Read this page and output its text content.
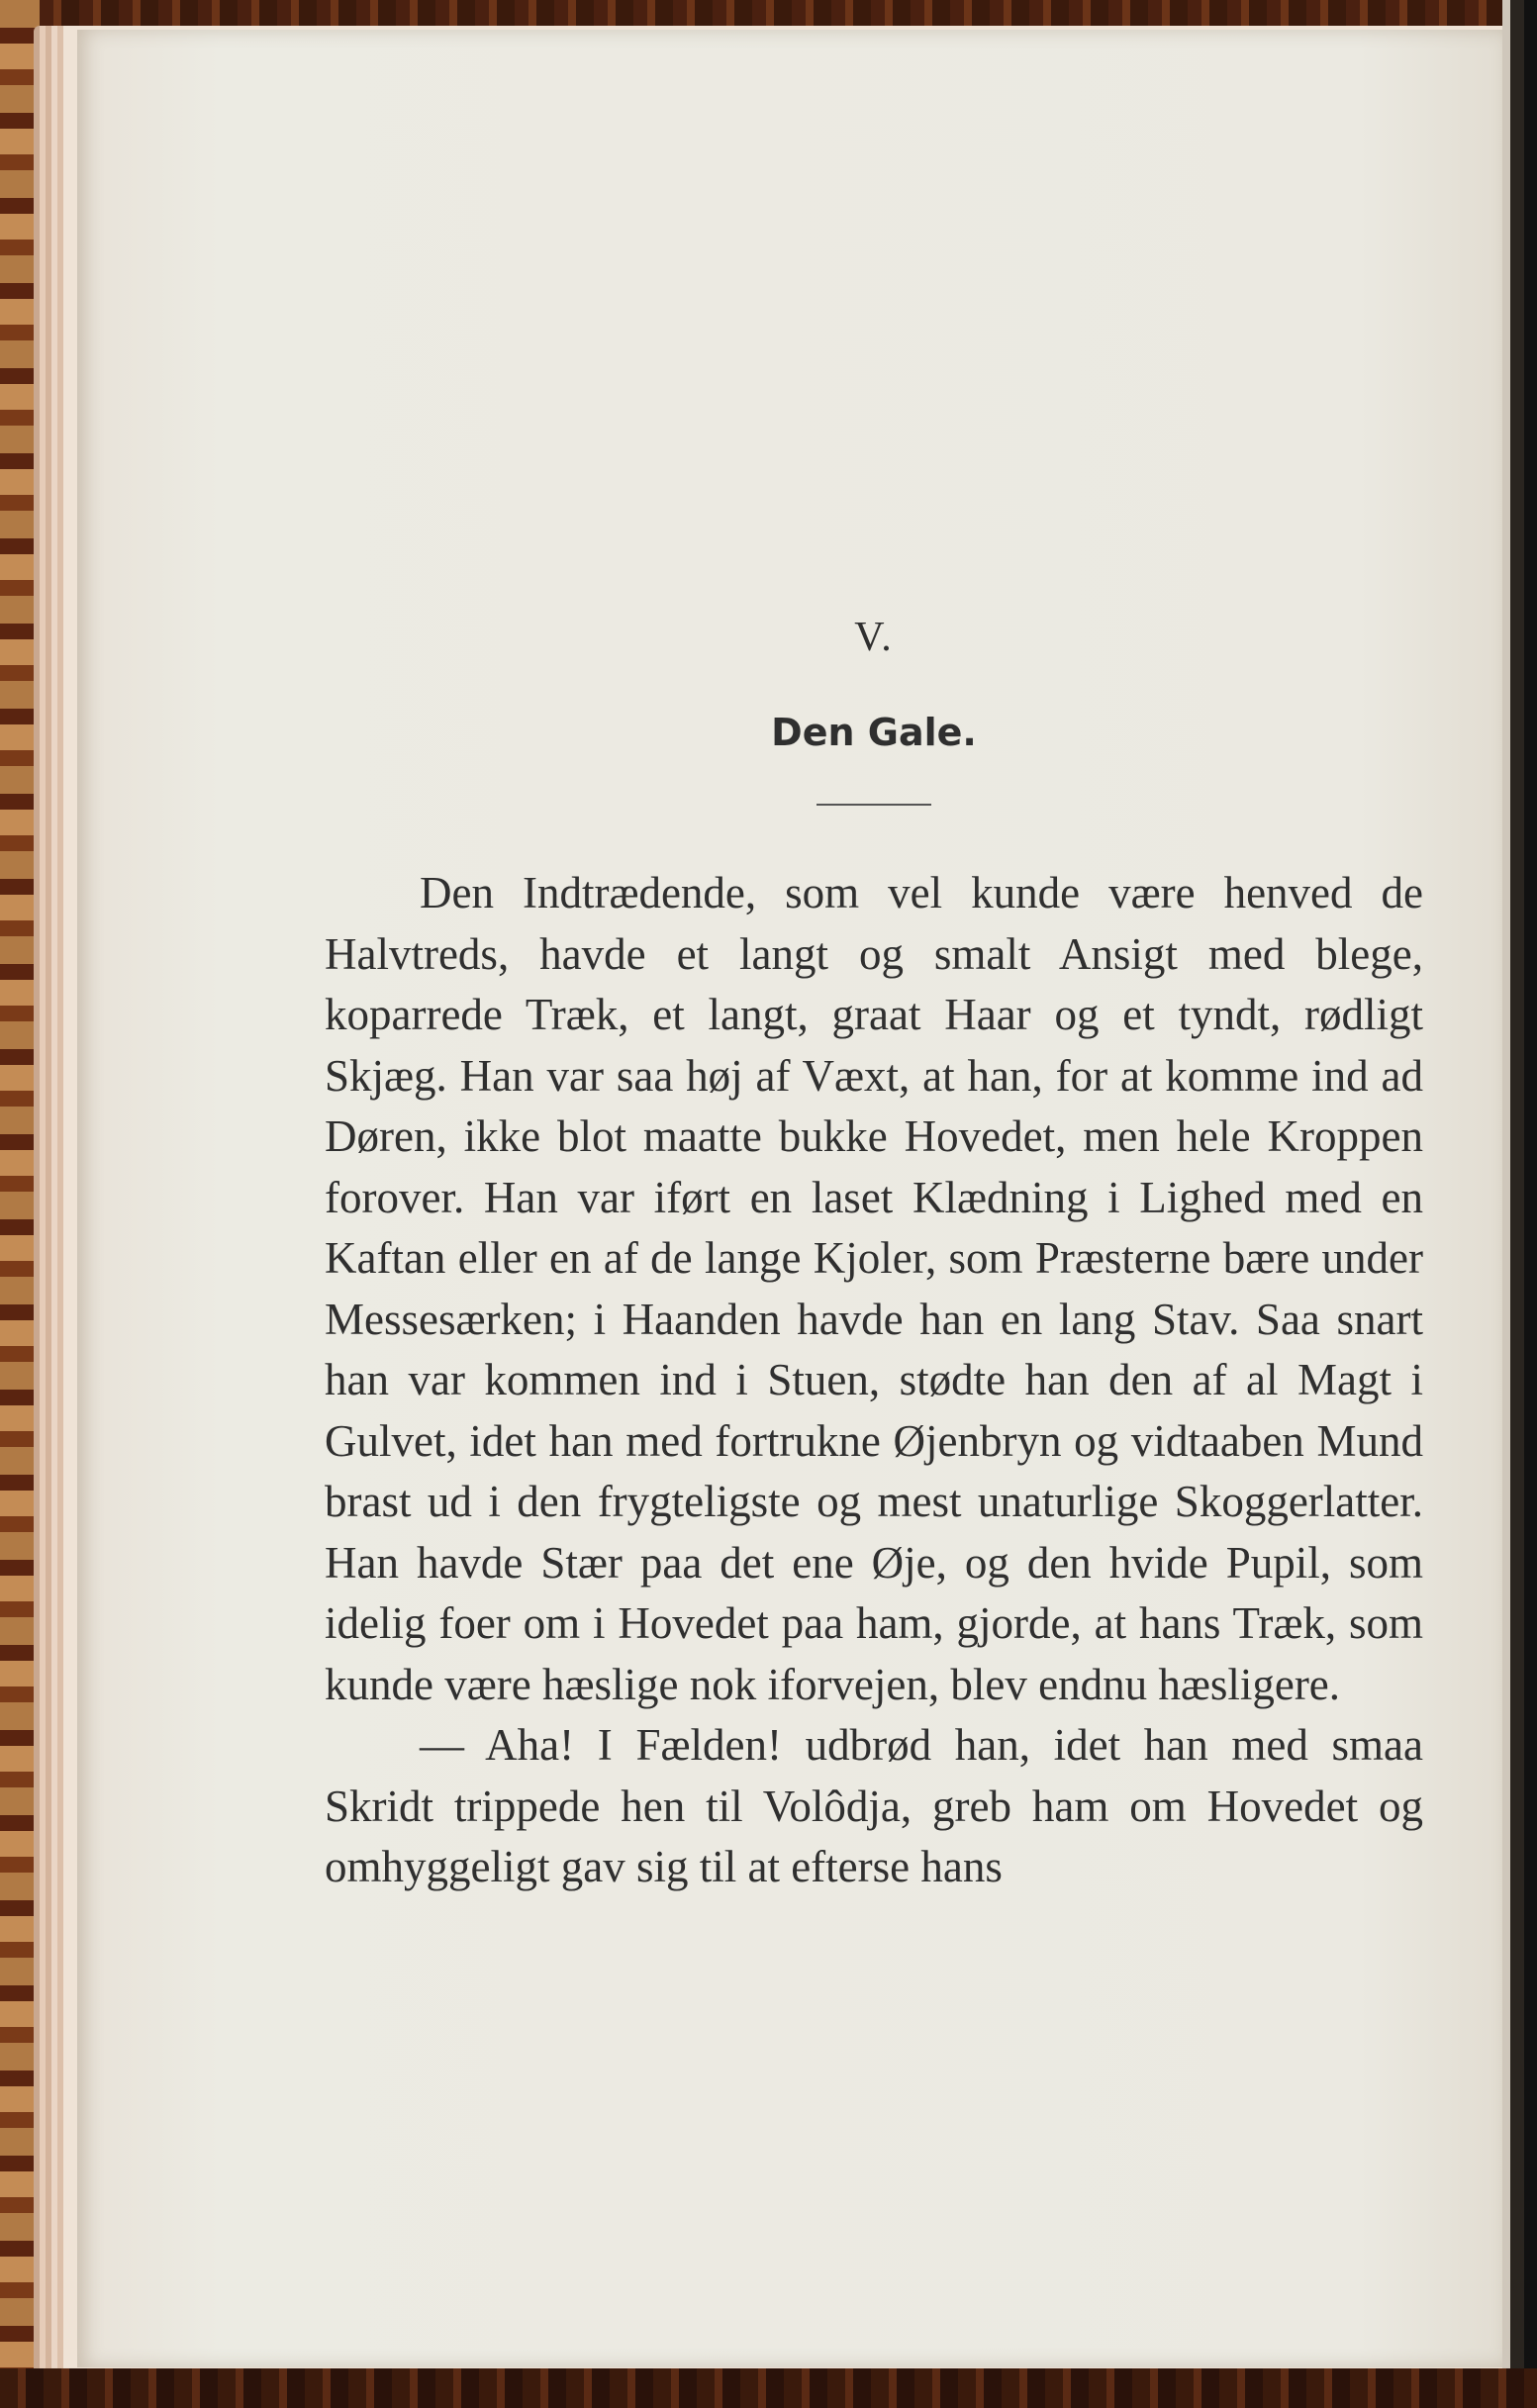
V.
Den Gale.

Den Indtrædende, som vel kunde være henved de Halvtreds, havde et langt og smalt Ansigt med blege, koparrede Træk, et langt, graat Haar og et tyndt, rødligt Skjæg. Han var saa høj af Væxt, at han, for at komme ind ad Døren, ikke blot maatte bukke Hovedet, men hele Kroppen forover. Han var iført en laset Klædning i Lighed med en Kaftan eller en af de lange Kjoler, som Præsterne bære under Messesærken; i Haanden havde han en lang Stav. Saa snart han var kommen ind i Stuen, stødte han den af al Magt i Gulvet, idet han med fortrukne Øjenbryn og vidtaaben Mund brast ud i den frygteligste og mest unaturlige Skoggerlatter. Han havde Stær paa det ene Øje, og den hvide Pupil, som idelig foer om i Hovedet paa ham, gjorde, at hans Træk, som kunde være hæslige nok iforvejen, blev endnu hæsligere.

— Aha! I Fælden! udbrød han, idet han med smaa Skridt trippede hen til Volôdja, greb ham om Hovedet og omhyggeligt gav sig til at efterse hans
